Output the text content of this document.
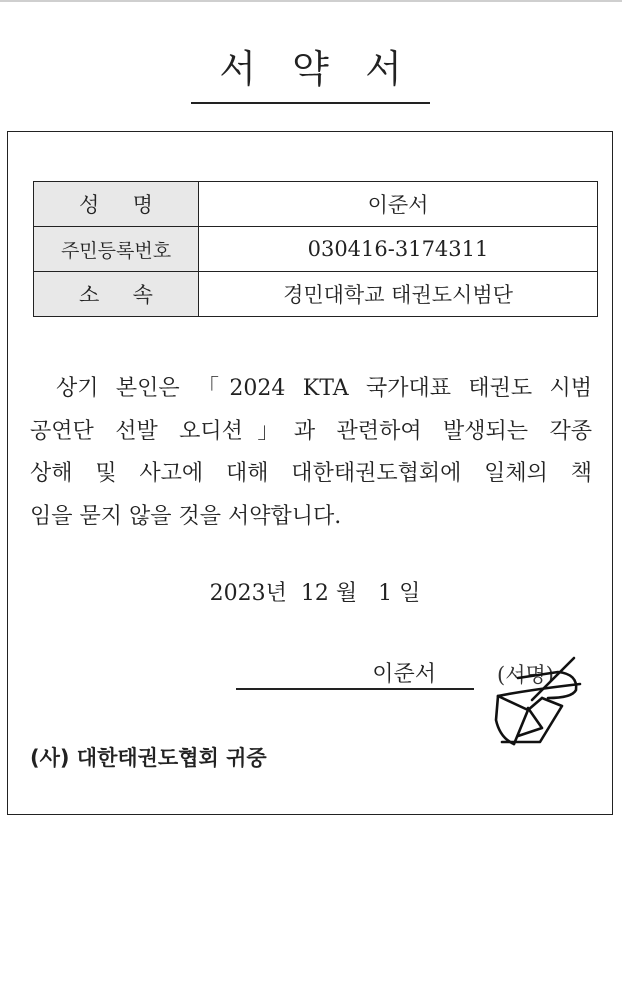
서   약   서
성     명	이준서
주민등록번호	030416-3174311
소     속	경민대학교 태권도시범단
상기 본인은 「2024 KTA 국가대표 태권도 시범
공연단 선발 오디션」과 관련하여 발생되는 각종
상해 및 사고에 대해 대한태권도협회에 일체의 책
임을 묻지 않을 것을 서약합니다.
2023년  12 월   1 일
이준서	(서명)
(사) 대한태권도협회 귀중
